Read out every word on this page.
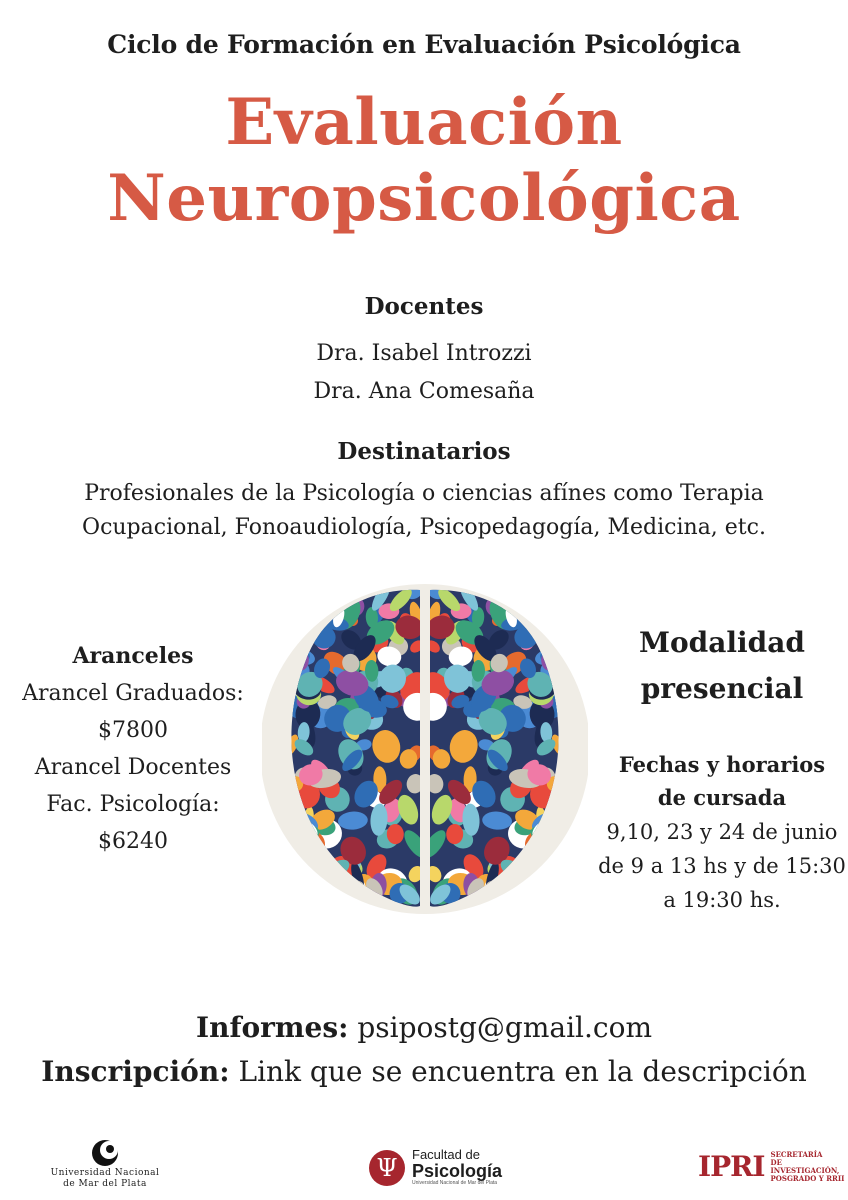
Ciclo de Formación en Evaluación Psicológica
Evaluación
Neuropsicológica
Docentes
Dra. Isabel Introzzi
Dra. Ana Comesaña
Destinatarios
Profesionales de la Psicología o ciencias afínes como Terapia
Ocupacional, Fonoaudiología, Psicopedagogía, Medicina, etc.
Aranceles
Arancel Graduados:
$7800
Arancel Docentes
Fac. Psicología:
$6240
Modalidad
presencial
Fechas y horarios
de cursada
9,10, 23 y 24 de junio
de 9 a 13 hs y de 15:30
a 19:30 hs.
Informes: psipostg@gmail.com
Inscripción: Link que se encuentra en la descripción
Universidad Nacional
de Mar del Plata
Ψ Facultad de
Psicología
Universidad Nacional de Mar del Plata	IPRI SECRETARÍA
DE INVESTIGACIÓN,
POSGRADO Y RRII
